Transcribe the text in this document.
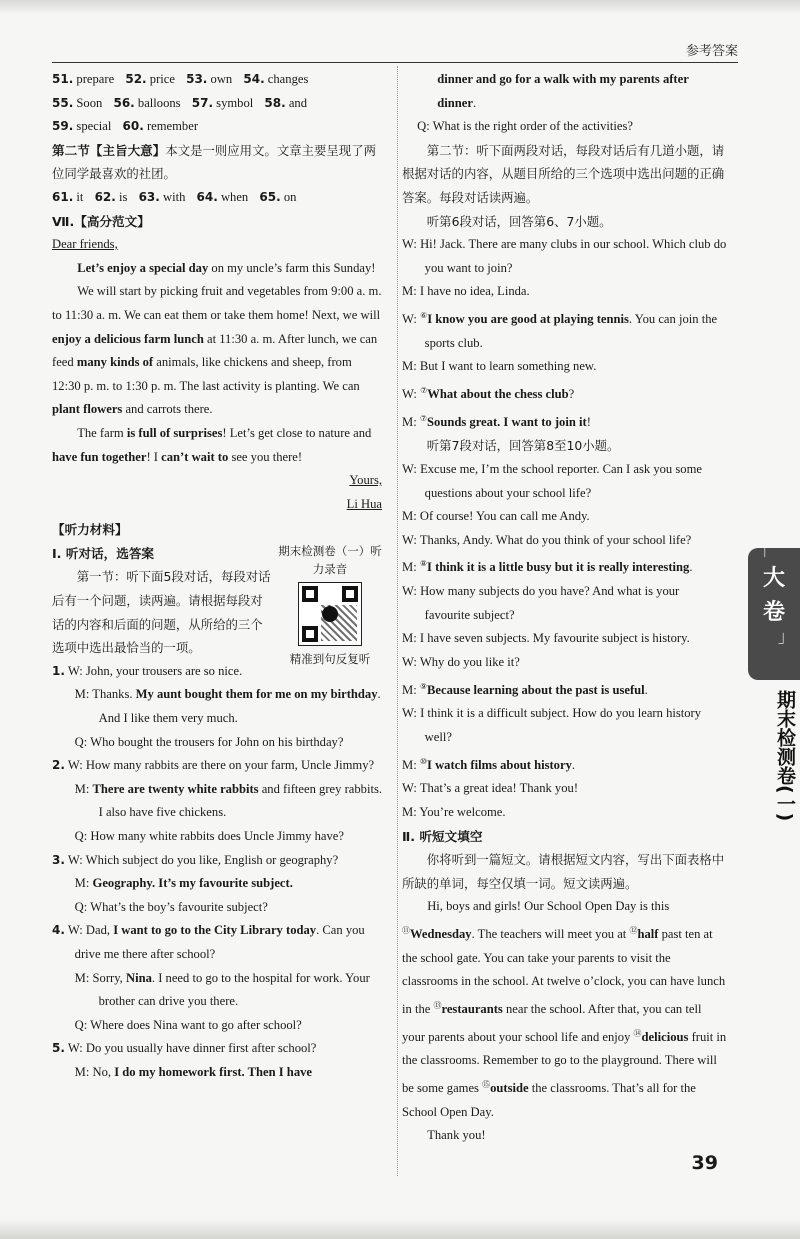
参考答案

51. prepare 52. price 53. own 54. changes

55. Soon 56. balloons 57. symbol 58. and

59. special 60. remember

第二节【主旨大意】本文是一则应用文。文章主要呈现了两位同学最喜欢的社团。

61. it 62. is 63. with 64. when 65. on

Ⅶ.【高分范文】

Dear friends,

Let’s enjoy a special day on my uncle’s farm this Sunday!

We will start by picking fruit and vegetables from 9:00 a. m. to 11:30 a. m. We can eat them or take them home! Next, we will enjoy a delicious farm lunch at 11:30 a. m. After lunch, we can feed many kinds of animals, like chickens and sheep, from 12:30 p. m. to 1:30 p. m. The last activity is planting. We can plant flowers and carrots there.

The farm is full of surprises! Let’s get close to nature and have fun together! I can’t wait to see you there!

Yours,

Li Hua

【听力材料】

期末检测卷（一）听力录音
精准到句反复听

Ⅰ. 听对话，选答案

第一节：听下面5段对话，每段对话后有一个问题，读两遍。请根据每段对话的内容和后面的问题，从所给的三个选项中选出最恰当的一项。

1. W: John, your trousers are so nice.

M: Thanks. My aunt bought them for me on my birthday. And I like them very much.

Q: Who bought the trousers for John on his birthday?

2. W: How many rabbits are there on your farm, Uncle Jimmy?

M: There are twenty white rabbits and fifteen grey rabbits. I also have five chickens.

Q: How many white rabbits does Uncle Jimmy have?

3. W: Which subject do you like, English or geography?

M: Geography. It’s my favourite subject.

Q: What’s the boy’s favourite subject?

4. W: Dad, I want to go to the City Library today. Can you drive me there after school?

M: Sorry, Nina. I need to go to the hospital for work. Your brother can drive you there.

Q: Where does Nina want to go after school?

5. W: Do you usually have dinner first after school?

M: No, I do my homework first. Then I have

dinner and go for a walk with my parents after dinner.

Q: What is the right order of the activities?

第二节：听下面两段对话，每段对话后有几道小题，请根据对话的内容，从题目所给的三个选项中选出问题的正确答案。每段对话读两遍。

听第6段对话，回答第6、7小题。

W: Hi! Jack. There are many clubs in our school. Which club do you want to join?

M: I have no idea, Linda.

W: ⑥I know you are good at playing tennis. You can join the sports club.

M: But I want to learn something new.

W: ⑦What about the chess club?

M: ⑦Sounds great. I want to join it!

听第7段对话，回答第8至10小题。

W: Excuse me, I’m the school reporter. Can I ask you some questions about your school life?

M: Of course! You can call me Andy.

W: Thanks, Andy. What do you think of your school life?

M: ⑧I think it is a little busy but it is really interesting.

W: How many subjects do you have? And what is your favourite subject?

M: I have seven subjects. My favourite subject is history.

W: Why do you like it?

M: ⑨Because learning about the past is useful.

W: I think it is a difficult subject. How do you learn history well?

M: ⑩I watch films about history.

W: That’s a great idea! Thank you!

M: You’re welcome.

Ⅱ. 听短文填空

你将听到一篇短文。请根据短文内容，写出下面表格中所缺的单词，每空仅填一词。短文读两遍。

Hi, boys and girls! Our School Open Day is this ⑪Wednesday. The teachers will meet you at ⑫half past ten at the school gate. You can take your parents to visit the classrooms in the school. At twelve o’clock, you can have lunch in the ⑬restaurants near the school. After that, you can tell your parents about your school life and enjoy ⑭delicious fruit in the classrooms. Remember to go to the playground. There will be some games ⑮outside the classrooms. That’s all for the School Open Day.

Thank you!

「
大
卷
」
期末检测卷(一)
39
